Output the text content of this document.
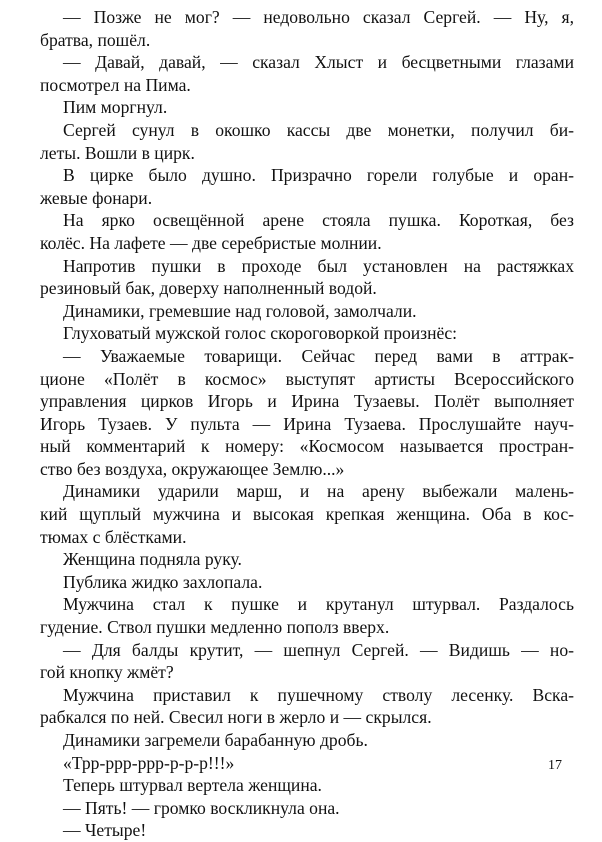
— Позже не мог? — недовольно сказал Сергей. — Ну, я,
братва, пошёл.
— Давай, давай, — сказал Хлыст и бесцветными глазами
посмотрел на Пима.
Пим моргнул.
Сергей сунул в окошко кассы две монетки, получил би-
леты. Вошли в цирк.
В цирке было душно. Призрачно горели голубые и оран-
жевые фонари.
На ярко освещённой арене стояла пушка. Короткая, без
колёс. На лафете — две серебристые молнии.
Напротив пушки в проходе был установлен на растяжках
резиновый бак, доверху наполненный водой.
Динамики, гремевшие над головой, замолчали.
Глуховатый мужской голос скороговоркой произнёс:
— Уважаемые товарищи. Сейчас перед вами в аттрак-
ционе «Полёт в космос» выступят артисты Всероссийского
управления цирков Игорь и Ирина Тузаевы. Полёт выполняет
Игорь Тузаев. У пульта — Ирина Тузаева. Прослушайте науч-
ный комментарий к номеру: «Космосом называется простран-
ство без воздуха, окружающее Землю...»
Динамики ударили марш, и на арену выбежали малень-
кий щуплый мужчина и высокая крепкая женщина. Оба в кос-
тюмах с блёстками.
Женщина подняла руку.
Публика жидко захлопала.
Мужчина стал к пушке и крутанул штурвал. Раздалось
гудение. Ствол пушки медленно пополз вверх.
— Для балды крутит, — шепнул Сергей. — Видишь — но-
гой кнопку жмёт?
Мужчина приставил к пушечному стволу лесенку. Вска-
рабкался по ней. Свесил ноги в жерло и — скрылся.
Динамики загремели барабанную дробь.
«Трр-ррр-ррр-р-р-р!!!»
Теперь штурвал вертела женщина.
— Пять! — громко воскликнула она.
— Четыре!
17
